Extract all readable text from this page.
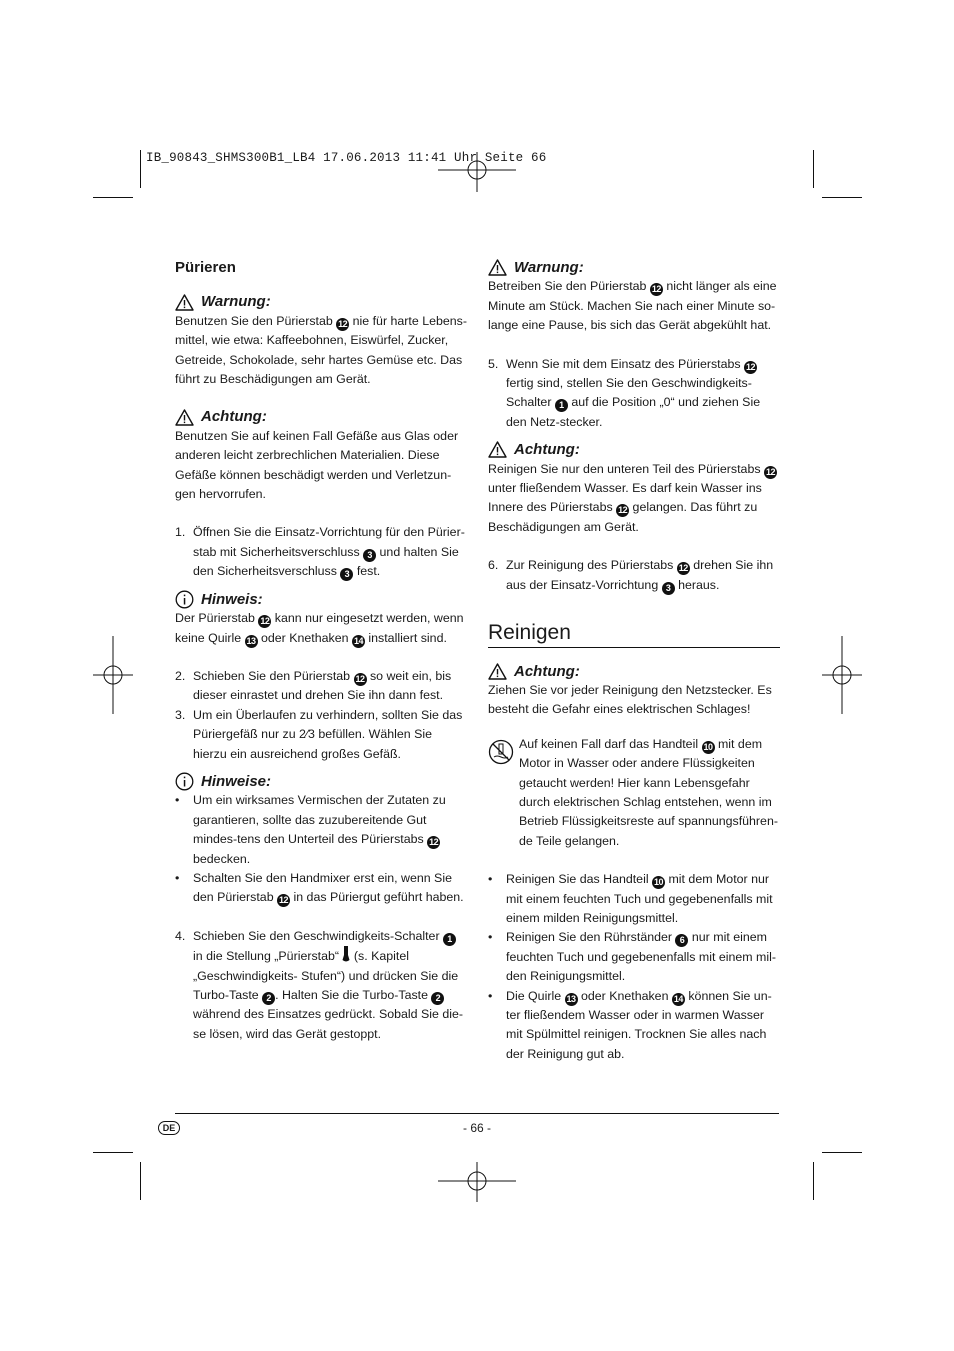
IB_90843_SHMS300B1_LB4 17.06.2013 11:41 Uhr Seite 66

Pürieren

Warnung:

Benutzen Sie den Pürierstab 12 nie für harte Lebens-mittel, wie etwa: Kaffeebohnen, Eiswürfel, Zucker, Getreide, Schokolade, sehr hartes Gemüse etc. Das führt zu Beschädigungen am Gerät.

Achtung:

Benutzen Sie auf keinen Fall Gefäße aus Glas oder anderen leicht zerbrechlichen Materialien. Diese Gefäße können beschädigt werden und Verletzun-gen hervorrufen.

1. Öffnen Sie die Einsatz-Vorrichtung für den Pürier-stab mit Sicherheitsverschluss 3 und halten Sie den Sicherheitsverschluss 3 fest.
Hinweis:

Der Pürierstab 12 kann nur eingesetzt werden, wenn keine Quirle 13 oder Knethaken 14 installiert sind.

2. Schieben Sie den Pürierstab 12 so weit ein, bis dieser einrastet und drehen Sie ihn dann fest.
3. Um ein Überlaufen zu verhindern, sollten Sie das Püriergefäß nur zu 2⁄3 befüllen. Wählen Sie hierzu ein ausreichend großes Gefäß.
Hinweise:
• Um ein wirksames Vermischen der Zutaten zu garantieren, sollte das zuzubereitende Gut mindes-tens den Unterteil des Pürierstabs 12 bedecken.
• Schalten Sie den Handmixer erst ein, wenn Sie den Pürierstab 12 in das Püriergut geführt haben.
4. Schieben Sie den Geschwindigkeits-Schalter 1 in die Stellung „Pürierstab“  (s. Kapitel „Geschwindigkeits- Stufen“) und drücken Sie die Turbo-Taste 2 . Halten Sie die Turbo-Taste 2 während des Einsatzes gedrückt. Sobald Sie die-se lösen, wird das Gerät gestoppt.
Warnung:

Betreiben Sie den Pürierstab 12 nicht länger als eine Minute am Stück. Machen Sie nach einer Minute so-lange eine Pause, bis sich das Gerät abgekühlt hat.

5. Wenn Sie mit dem Einsatz des Pürierstabs 12 fertig sind, stellen Sie den Geschwindigkeits-Schalter 1 auf die Position „0“ und ziehen Sie den Netz-stecker.
Achtung:

Reinigen Sie nur den unteren Teil des Pürierstabs 12 unter fließendem Wasser. Es darf kein Wasser ins Innere des Pürierstabs 12 gelangen. Das führt zu Beschädigungen am Gerät.

6. Zur Reinigung des Pürierstabs 12 drehen Sie ihn aus der Einsatz-Vorrichtung 3 heraus.

Reinigen

Achtung:

Ziehen Sie vor jeder Reinigung den Netzstecker. Es besteht die Gefahr eines elektrischen Schlages!

Auf keinen Fall darf das Handteil 10 mit dem Motor in Wasser oder andere Flüssigkeiten getaucht werden! Hier kann Lebensgefahr durch elektrischen Schlag entstehen, wenn im Betrieb Flüssigkeitsreste auf spannungsführen-de Teile gelangen.

• Reinigen Sie das Handteil 10 mit dem Motor nur mit einem feuchten Tuch und gegebenenfalls mit einem milden Reinigungsmittel.
• Reinigen Sie den Rührständer 6 nur mit einem feuchten Tuch und gegebenenfalls mit einem mil-den Reinigungsmittel.
• Die Quirle 13 oder Knethaken 14 können Sie un-ter fließendem Wasser oder in warmen Wasser mit Spülmittel reinigen. Trocknen Sie alles nach der Reinigung gut ab.
DE	- 66 -
